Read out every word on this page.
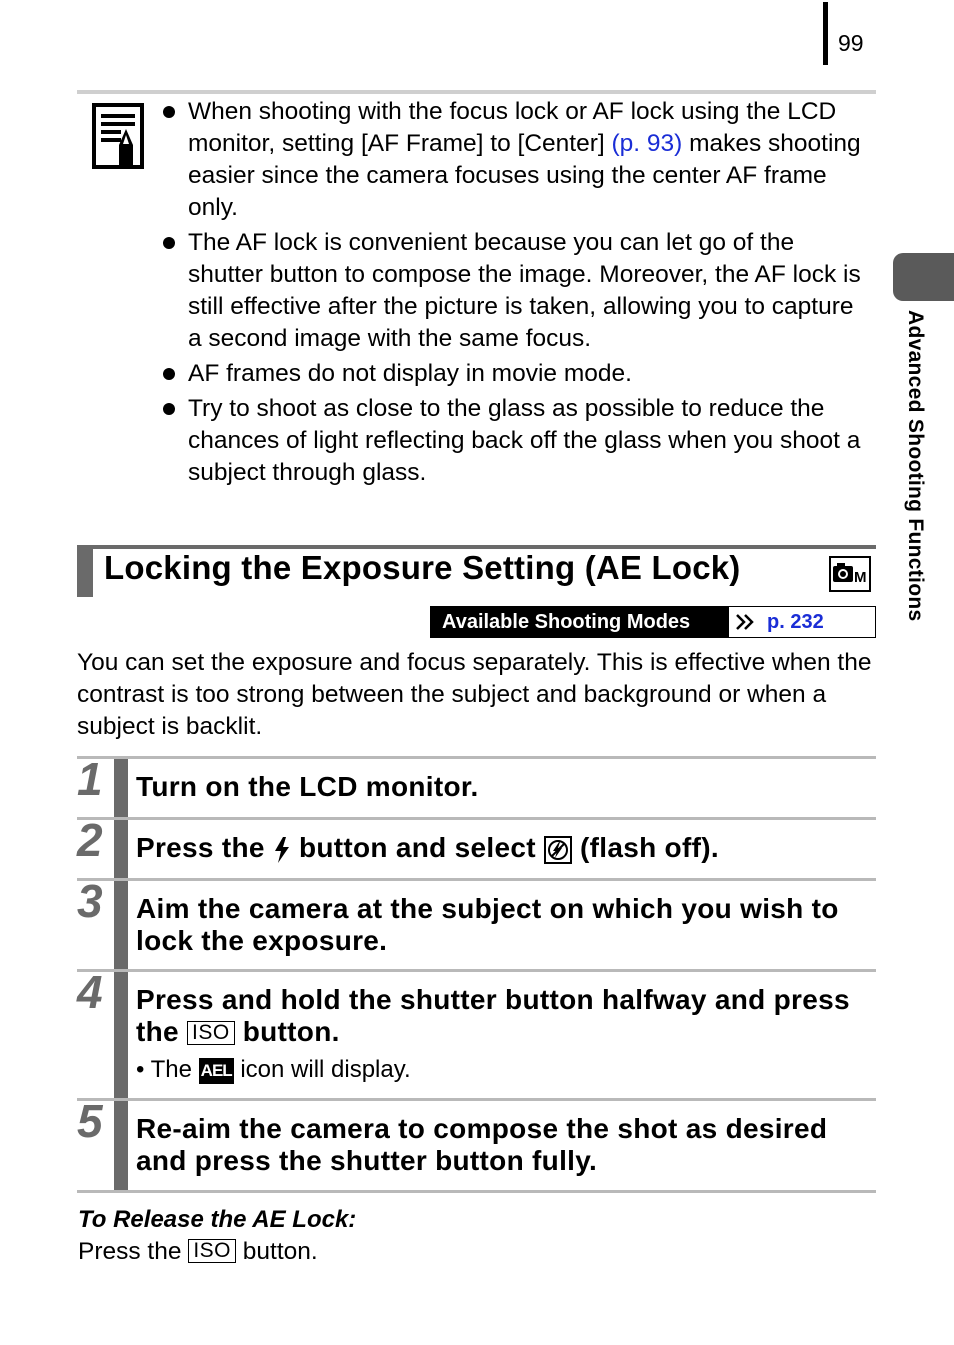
99
When shooting with the focus lock or AF lock using the LCD monitor, setting [AF Frame] to [Center] (p. 93) makes shooting easier since the camera focuses using the center AF frame only.
The AF lock is convenient because you can let go of the shutter button to compose the image. Moreover, the AF lock is still effective after the picture is taken, allowing you to capture a second image with the same focus.
AF frames do not display in movie mode.
Try to shoot as close to the glass as possible to reduce the chances of light reflecting back off the glass when you shoot a subject through glass.	Advanced Shooting Functions
Locking the Exposure Setting (AE Lock)	M
Available Shooting Modes	p. 232

You can set the exposure and focus separately. This is effective when the contrast is too strong between the subject and background or when a subject is backlit.

1	Turn on the LCD monitor.
2	Press the  button and select  (flash off).
3	Aim the camera at the subject on which you wish to lock the exposure.
4	Press and hold the shutter button halfway and press the ISO button.
• The AEL icon will display.
5	Re-aim the camera to compose the shot as desired and press the shutter button fully.
To Release the AE Lock:
Press the ISO button.
